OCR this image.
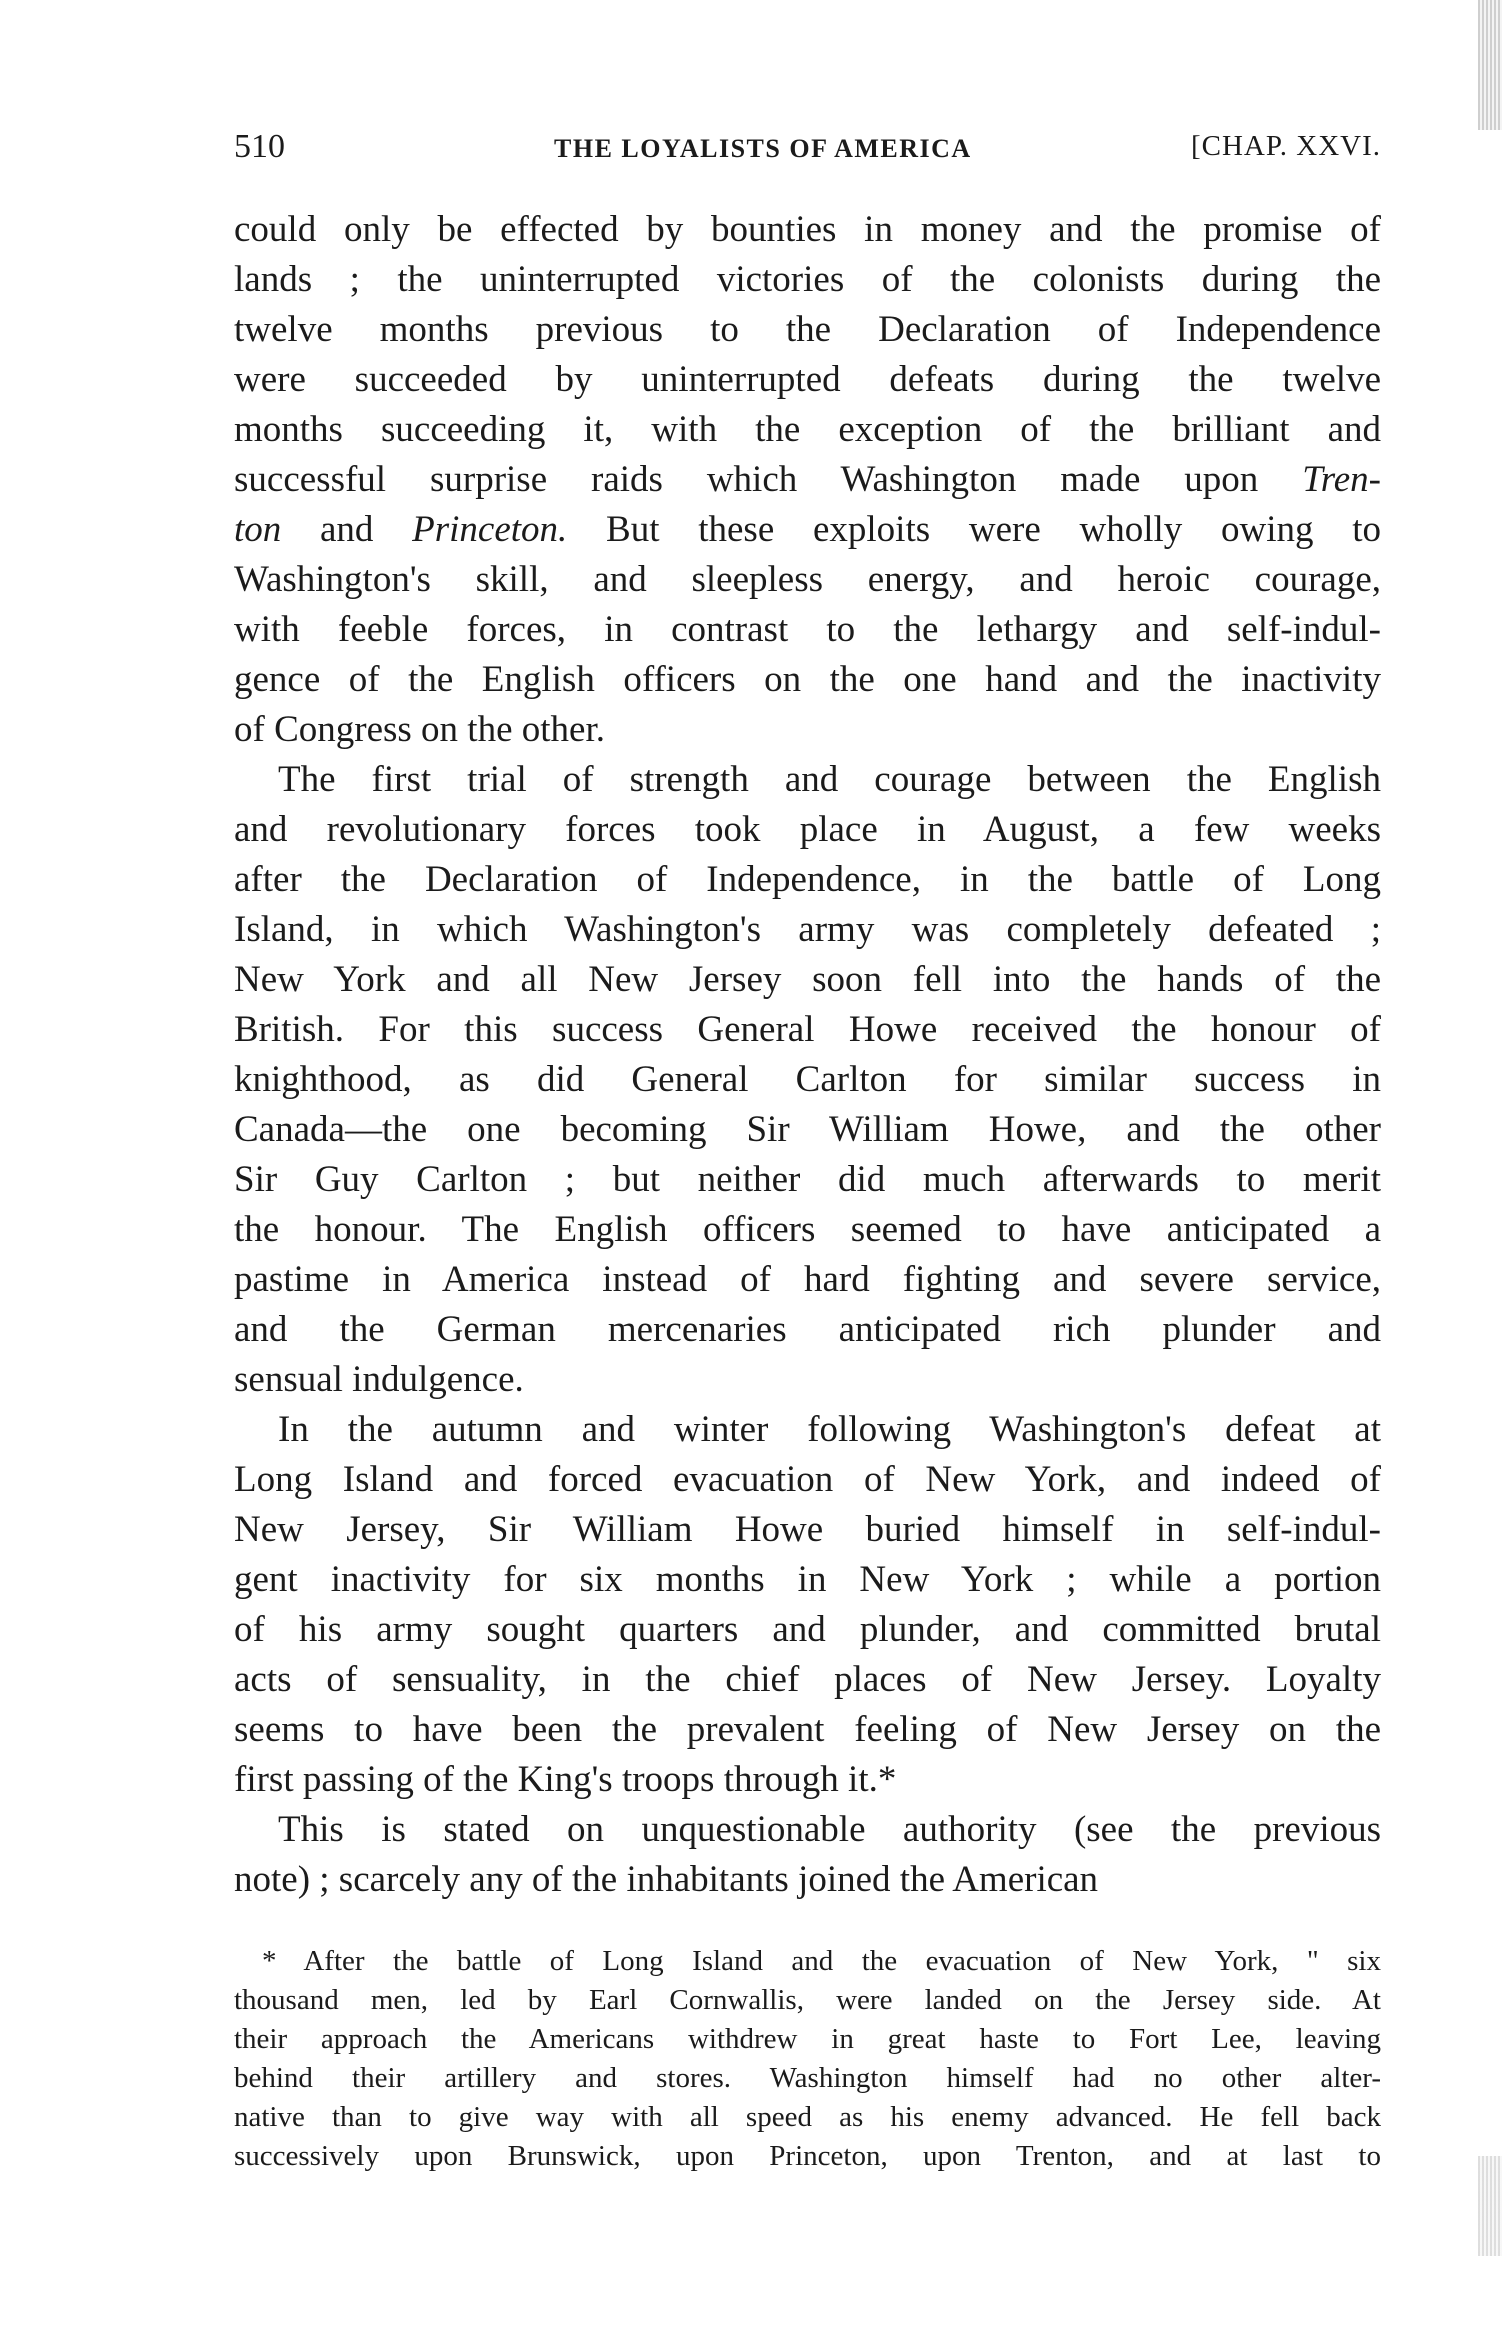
510	THE LOYALISTS OF AMERICA	[CHAP. XXVI.

could only be effected by bounties in money and the promise of
lands ; the uninterrupted victories of the colonists during the
twelve months previous to the Declaration of Independence
were succeeded by uninterrupted defeats during the twelve
months succeeding it, with the exception of the brilliant and
successful surprise raids which Washington made upon Tren-
ton and Princeton. But these exploits were wholly owing to
Washington's skill, and sleepless energy, and heroic courage,
with feeble forces, in contrast to the lethargy and self-indul-
gence of the English officers on the one hand and the inactivity
of Congress on the other.

The first trial of strength and courage between the English
and revolutionary forces took place in August, a few weeks
after the Declaration of Independence, in the battle of Long
Island, in which Washington's army was completely defeated ;
New York and all New Jersey soon fell into the hands of the
British. For this success General Howe received the honour of
knighthood, as did General Carlton for similar success in
Canada—the one becoming Sir William Howe, and the other
Sir Guy Carlton ; but neither did much afterwards to merit
the honour. The English officers seemed to have anticipated a
pastime in America instead of hard fighting and severe service,
and the German mercenaries anticipated rich plunder and
sensual indulgence.

In the autumn and winter following Washington's defeat at
Long Island and forced evacuation of New York, and indeed of
New Jersey, Sir William Howe buried himself in self-indul-
gent inactivity for six months in New York ; while a portion
of his army sought quarters and plunder, and committed brutal
acts of sensuality, in the chief places of New Jersey. Loyalty
seems to have been the prevalent feeling of New Jersey on the
first passing of the King's troops through it.*

This is stated on unquestionable authority (see the previous
note) ; scarcely any of the inhabitants joined the American

* After the battle of Long Island and the evacuation of New York, " six
thousand men, led by Earl Cornwallis, were landed on the Jersey side. At
their approach the Americans withdrew in great haste to Fort Lee, leaving
behind their artillery and stores. Washington himself had no other alter-
native than to give way with all speed as his enemy advanced. He fell back
successively upon Brunswick, upon Princeton, upon Trenton, and at last to
